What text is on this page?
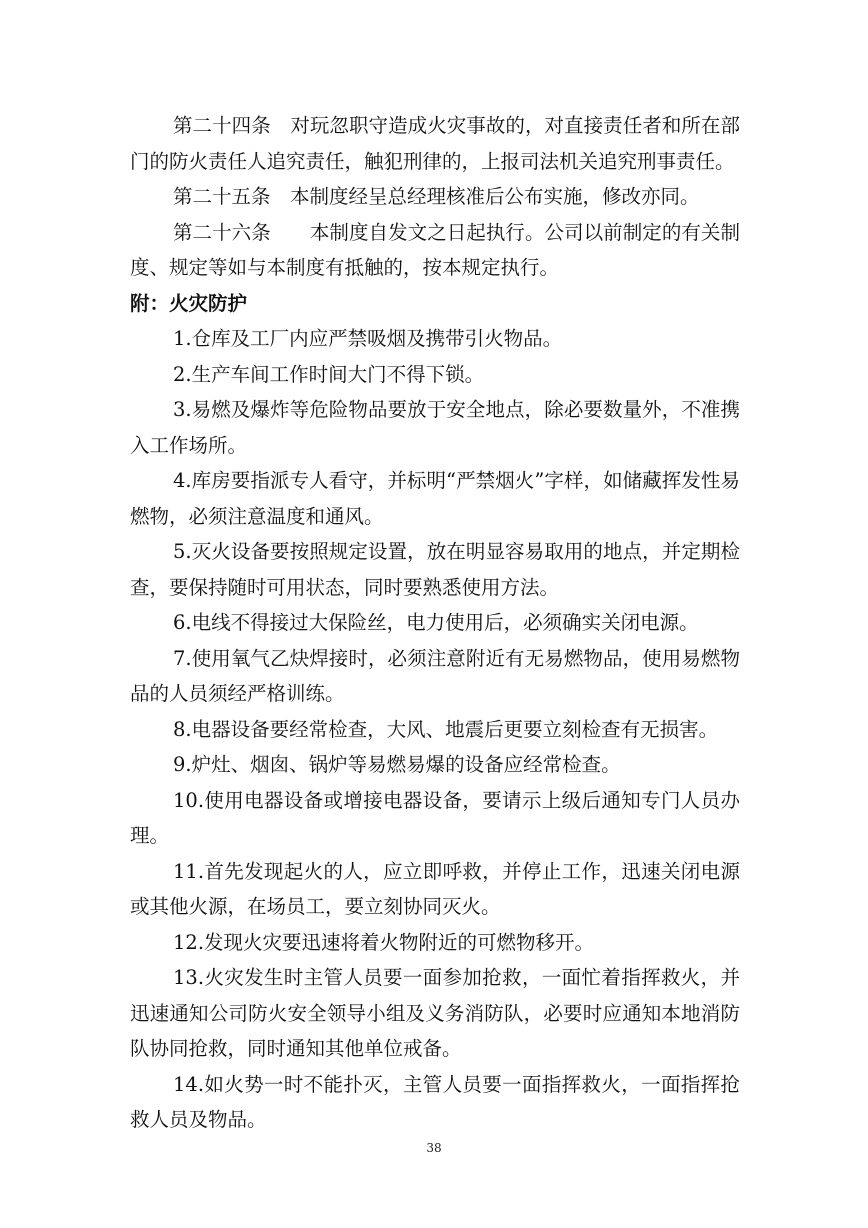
第二十四条　对玩忽职守造成火灾事故的，对直接责任者和所在部门的防火责任人追究责任，触犯刑律的，上报司法机关追究刑事责任。

第二十五条　本制度经呈总经理核准后公布实施，修改亦同。

第二十六条　　本制度自发文之日起执行。公司以前制定的有关制度、规定等如与本制度有抵触的，按本规定执行。

附：火灾防护

1.仓库及工厂内应严禁吸烟及携带引火物品。

2.生产车间工作时间大门不得下锁。

3.易燃及爆炸等危险物品要放于安全地点，除必要数量外，不准携入工作场所。

4.库房要指派专人看守，并标明“严禁烟火”字样，如储藏挥发性易燃物，必须注意温度和通风。

5.灭火设备要按照规定设置，放在明显容易取用的地点，并定期检查，要保持随时可用状态，同时要熟悉使用方法。

6.电线不得接过大保险丝，电力使用后，必须确实关闭电源。

7.使用氧气乙炔焊接时，必须注意附近有无易燃物品，使用易燃物品的人员须经严格训练。

8.电器设备要经常检查，大风、地震后更要立刻检查有无损害。

9.炉灶、烟囱、锅炉等易燃易爆的设备应经常检查。

10.使用电器设备或增接电器设备，要请示上级后通知专门人员办理。

11.首先发现起火的人，应立即呼救，并停止工作，迅速关闭电源或其他火源，在场员工，要立刻协同灭火。

12.发现火灾要迅速将着火物附近的可燃物移开。

13.火灾发生时主管人员要一面参加抢救，一面忙着指挥救火，并迅速通知公司防火安全领导小组及义务消防队，必要时应通知本地消防队协同抢救，同时通知其他单位戒备。

14.如火势一时不能扑灭，主管人员要一面指挥救火，一面指挥抢救人员及物品。

38
